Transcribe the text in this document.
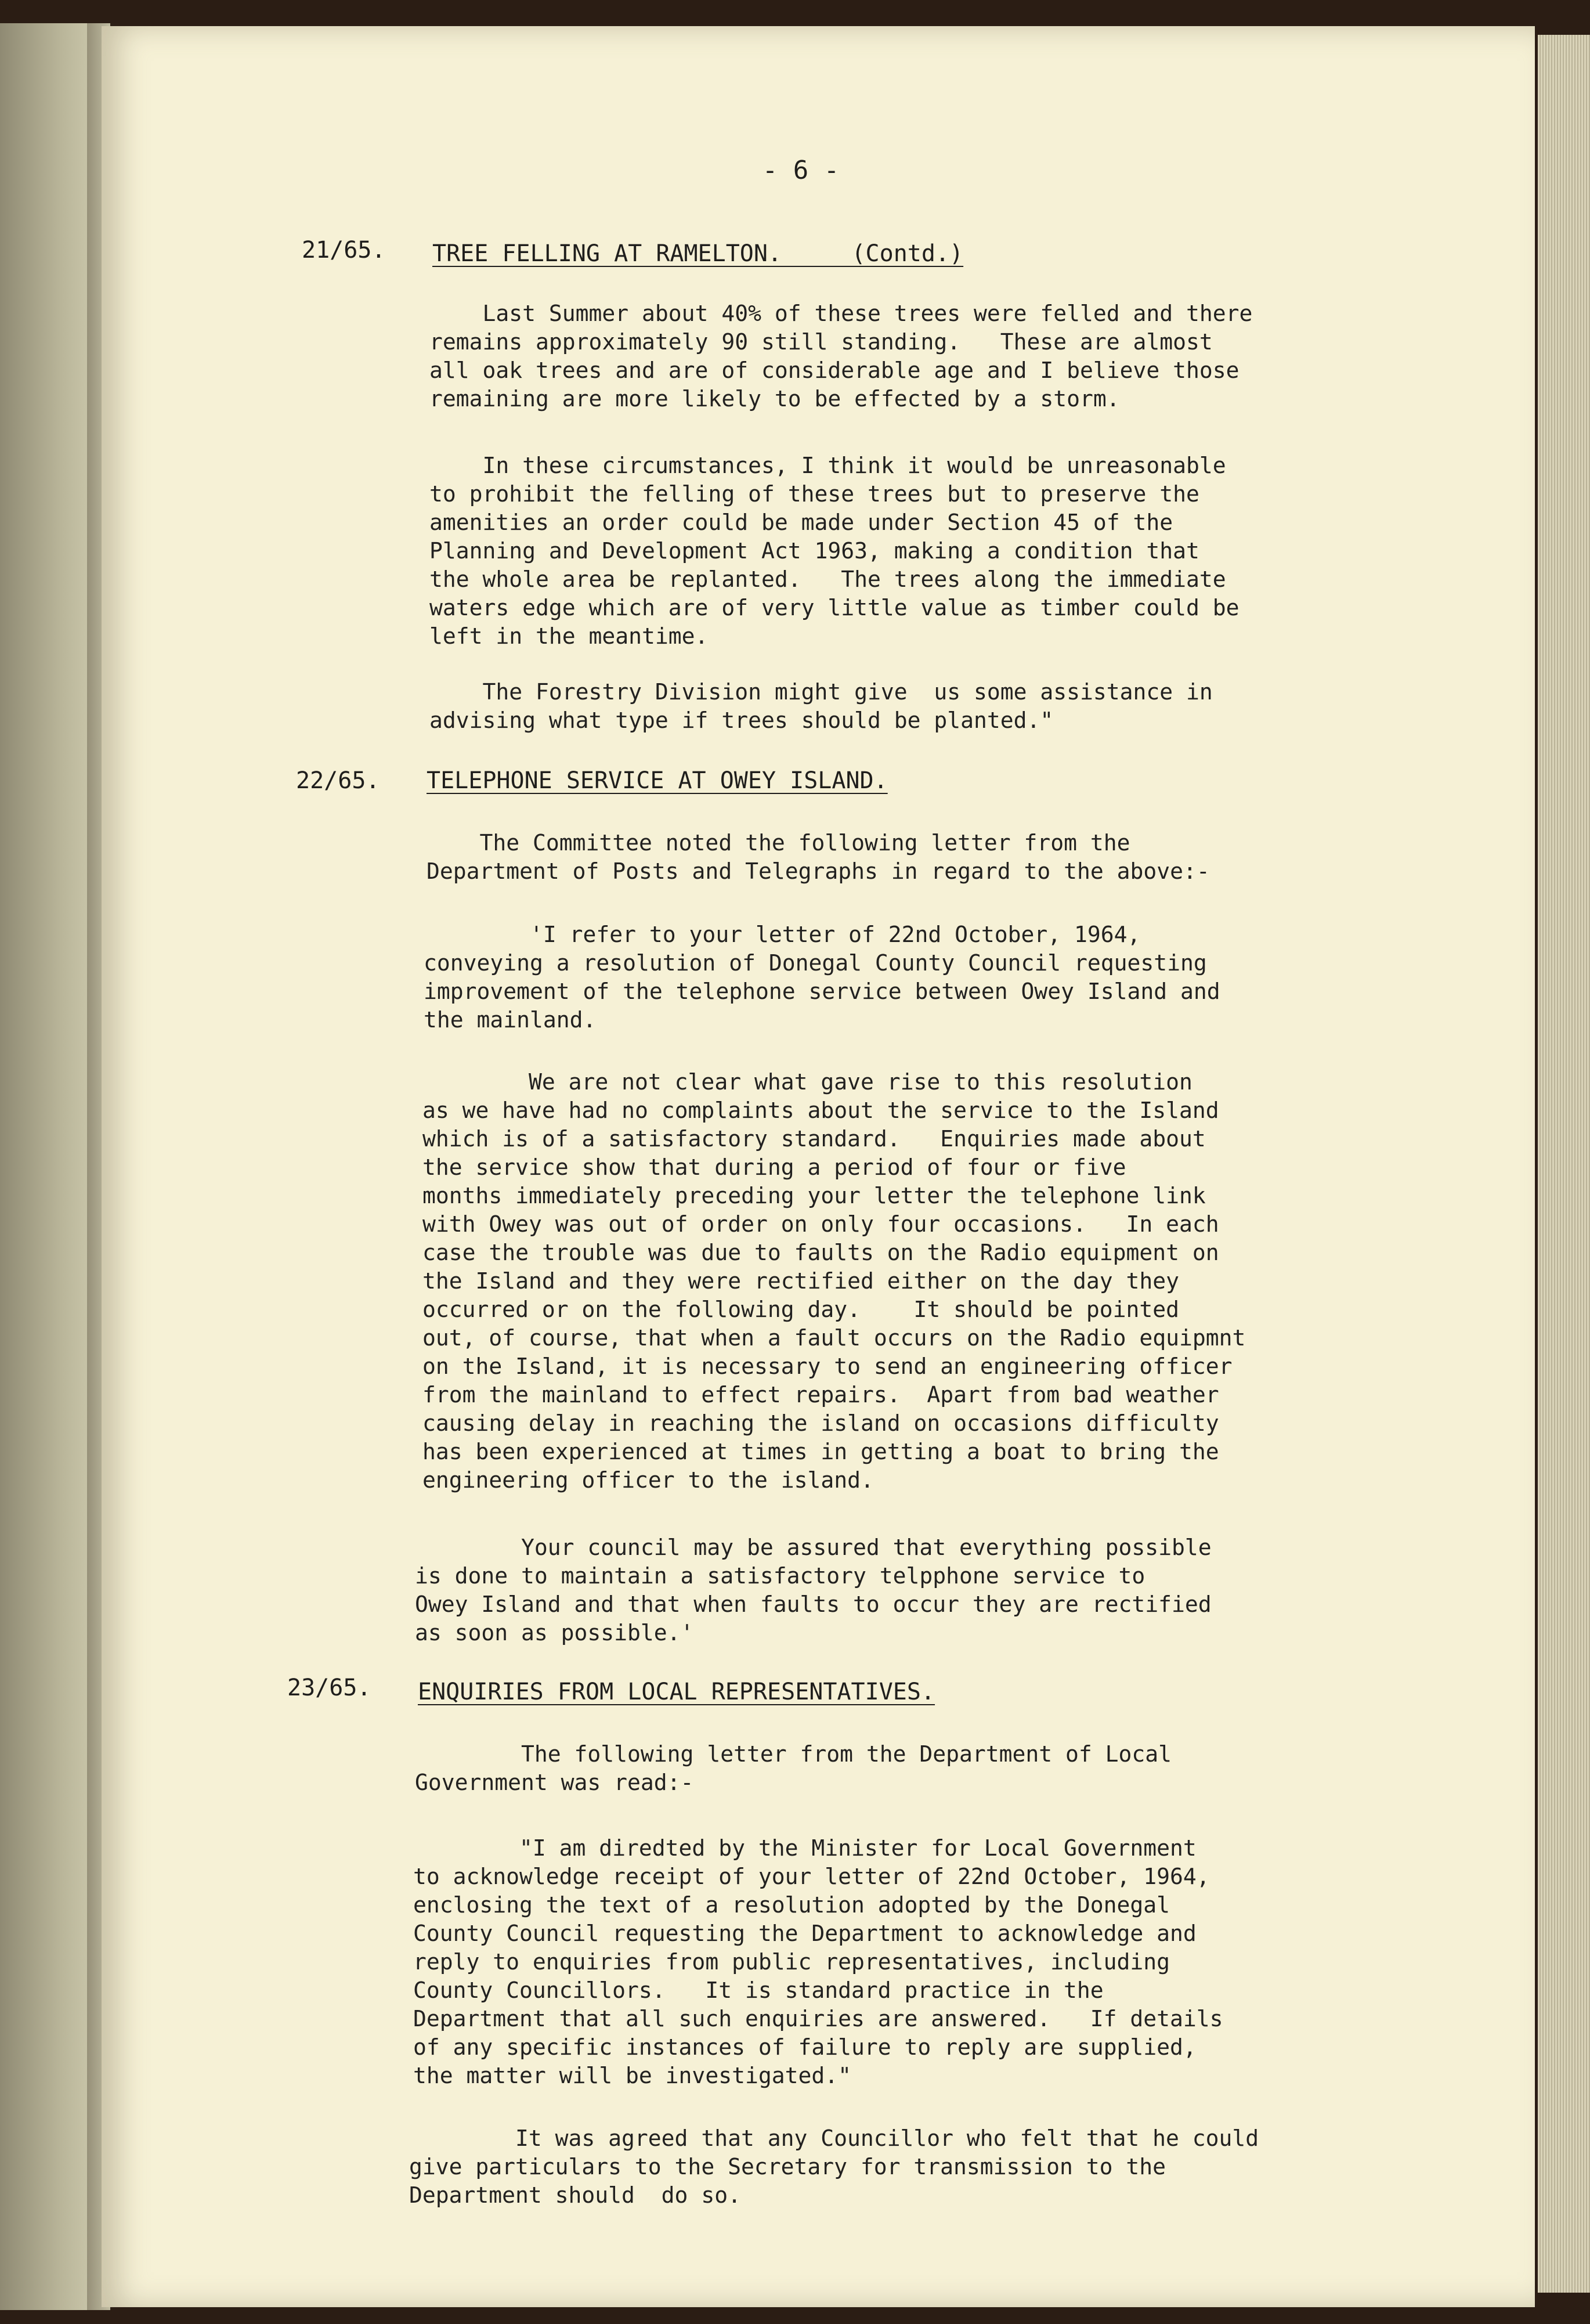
- 6 -
21/65. TREE FELLING AT RAMELTON.     (Contd.)
Last Summer about 40% of these trees were felled and there
remains approximately 90 still standing.   These are almost
all oak trees and are of considerable age and I believe those
remaining are more likely to be effected by a storm.
In these circumstances, I think it would be unreasonable
to prohibit the felling of these trees but to preserve the
amenities an order could be made under Section 45 of the
Planning and Development Act 1963, making a condition that
the whole area be replanted.   The trees along the immediate
waters edge which are of very little value as timber could be
left in the meantime.
The Forestry Division might give  us some assistance in
advising what type if trees should be planted."
22/65. TELEPHONE SERVICE AT OWEY ISLAND.
The Committee noted the following letter from the
Department of Posts and Telegraphs in regard to the above:-
'I refer to your letter of 22nd October, 1964,
conveying a resolution of Donegal County Council requesting
improvement of the telephone service between Owey Island and
the mainland.
We are not clear what gave rise to this resolution
as we have had no complaints about the service to the Island
which is of a satisfactory standard.   Enquiries made about
the service show that during a period of four or five
months immediately preceding your letter the telephone link
with Owey was out of order on only four occasions.   In each
case the trouble was due to faults on the Radio equipment on
the Island and they were rectified either on the day they
occurred or on the following day.    It should be pointed
out, of course, that when a fault occurs on the Radio equipmnt
on the Island, it is necessary to send an engineering officer
from the mainland to effect repairs.  Apart from bad weather
causing delay in reaching the island on occasions difficulty
has been experienced at times in getting a boat to bring the
engineering officer to the island.
Your council may be assured that everything possible
is done to maintain a satisfactory telpphone service to
Owey Island and that when faults to occur they are rectified
as soon as possible.'
23/65. ENQUIRIES FROM LOCAL REPRESENTATIVES.
The following letter from the Department of Local
Government was read:-
"I am diredted by the Minister for Local Government
to acknowledge receipt of your letter of 22nd October, 1964,
enclosing the text of a resolution adopted by the Donegal
County Council requesting the Department to acknowledge and
reply to enquiries from public representatives, including
County Councillors.   It is standard practice in the
Department that all such enquiries are answered.   If details
of any specific instances of failure to reply are supplied,
the matter will be investigated."
It was agreed that any Councillor who felt that he could
give particulars to the Secretary for transmission to the
Department should  do so.
